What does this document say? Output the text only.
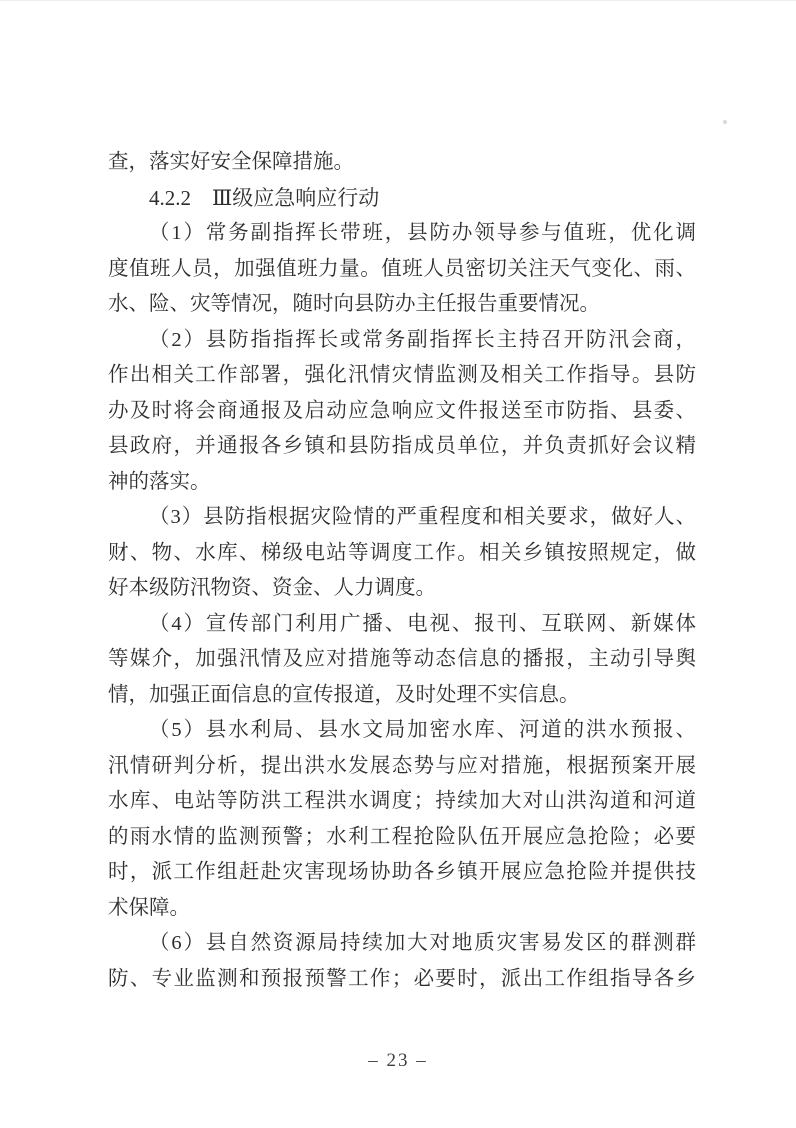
查，落实好安全保障措施。
4.2.2　Ⅲ级应急响应行动
（1）常务副指挥长带班，县防办领导参与值班，优化调
度值班人员，加强值班力量。值班人员密切关注天气变化、雨、
水、险、灾等情况，随时向县防办主任报告重要情况。
（2）县防指指挥长或常务副指挥长主持召开防汛会商，
作出相关工作部署，强化汛情灾情监测及相关工作指导。县防
办及时将会商通报及启动应急响应文件报送至市防指、县委、
县政府，并通报各乡镇和县防指成员单位，并负责抓好会议精
神的落实。
（3）县防指根据灾险情的严重程度和相关要求，做好人、
财、物、水库、梯级电站等调度工作。相关乡镇按照规定，做
好本级防汛物资、资金、人力调度。
（4）宣传部门利用广播、电视、报刊、互联网、新媒体
等媒介，加强汛情及应对措施等动态信息的播报，主动引导舆
情，加强正面信息的宣传报道，及时处理不实信息。
（5）县水利局、县水文局加密水库、河道的洪水预报、
汛情研判分析，提出洪水发展态势与应对措施，根据预案开展
水库、电站等防洪工程洪水调度；持续加大对山洪沟道和河道
的雨水情的监测预警；水利工程抢险队伍开展应急抢险；必要
时，派工作组赶赴灾害现场协助各乡镇开展应急抢险并提供技
术保障。
（6）县自然资源局持续加大对地质灾害易发区的群测群
防、专业监测和预报预警工作；必要时，派出工作组指导各乡
– 23 –
